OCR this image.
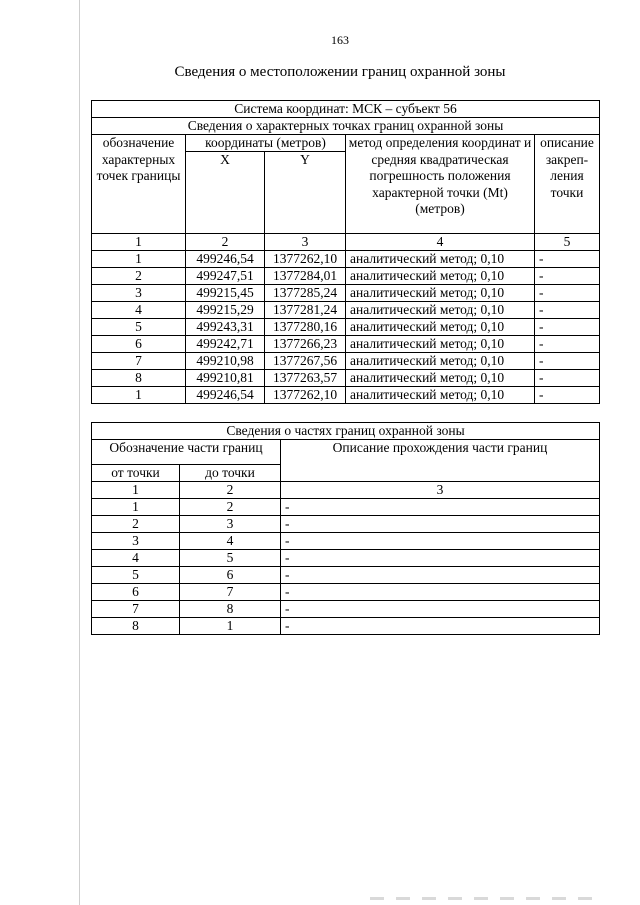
163
Сведения о местоположении границ охранной зоны
Система координат: МСК – субъект 56				
Сведения о характерных точках границ охранной зоны				
обозначение характерных точек границы	координаты (метров)		метод определения координат и средняя квадратическая погрешность положения характерной точки (Mt) (метров)	описание закреп-ления точки
	X	Y		

1	2	3	4	5
1	499246,54	1377262,10	аналитический метод; 0,10	-
2	499247,51	1377284,01	аналитический метод; 0,10	-
3	499215,45	1377285,24	аналитический метод; 0,10	-
4	499215,29	1377281,24	аналитический метод; 0,10	-
5	499243,31	1377280,16	аналитический метод; 0,10	-
6	499242,71	1377266,23	аналитический метод; 0,10	-
7	499210,98	1377267,56	аналитический метод; 0,10	-
8	499210,81	1377263,57	аналитический метод; 0,10	-
1	499246,54	1377262,10	аналитический метод; 0,10	-
Сведения о частях границ охранной зоны		
Обозначение части границ		Описание прохождения части границ

от точки	до точки	
1	2	3
1	2	-
2	3	-
3	4	-
4	5	-
5	6	-
6	7	-
7	8	-
8	1	-
